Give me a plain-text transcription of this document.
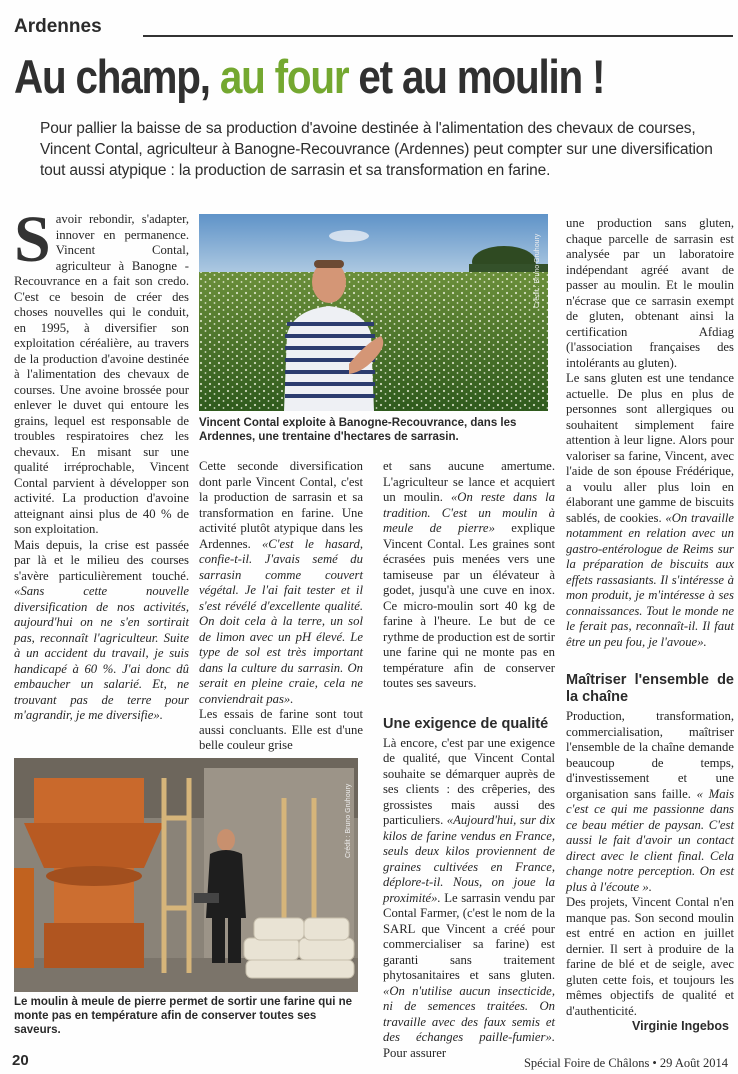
Ardennes
Au champ, au four et au moulin !

Pour pallier la baisse de sa production d'avoine destinée à l'alimentation des chevaux de courses, Vincent Contal, agriculteur à Banogne-Recouvrance (Ardennes) peut compter sur une diversification tout aussi atypique : la production de sarrasin et sa transformation en farine.

Savoir rebondir, s'adapter, innover en permanence. Vincent Contal, agriculteur à Banogne - Recouvrance en a fait son credo. C'est ce besoin de créer des choses nouvelles qui le conduit, en 1995, à diversifier son exploitation céréalière, au travers de la production d'avoine destinée à l'alimentation des chevaux de courses. Une avoine brossée pour enlever le duvet qui entoure les grains, lequel est responsable de troubles respiratoires chez les chevaux. En misant sur une qualité irréprochable, Vincent Contal parvient à développer son activité. La production d'avoine atteignant ainsi plus de 40 % de son exploitation.

Mais depuis, la crise est passée par là et le milieu des courses s'avère particulièrement touché. «Sans cette nouvelle diversification de nos activités, aujourd'hui on ne s'en sortirait pas, reconnaît l'agriculteur. Suite à un accident du travail, je suis handicapé à 60 %. J'ai donc dû embaucher un salarié. Et, ne trouvant pas de terre pour m'agrandir, je me diversifie».

Crédit : Bruno Gruhoury
Vincent Contal exploite à Banogne-Recouvrance, dans les Ardennes, une trentaine d'hectares de sarrasin.

Cette seconde diversification dont parle Vincent Contal, c'est la production de sarrasin et sa transformation en farine. Une activité plutôt atypique dans les Ardennes. «C'est le hasard, confie-t-il. J'avais semé du sarrasin comme couvert végétal. Je l'ai fait tester et il s'est révélé d'excellente qualité. On doit cela à la terre, un sol de limon avec un pH élevé. Le type de sol est très important dans la culture du sarrasin. On serait en pleine craie, cela ne conviendrait pas».

Les essais de farine sont tout aussi concluants. Elle est d'une belle couleur grise

et sans aucune amertume. L'agriculteur se lance et acquiert un moulin. «On reste dans la tradition. C'est un moulin à meule de pierre» explique Vincent Contal. Les graines sont écrasées puis menées vers une tamiseuse par un élévateur à godet, jusqu'à une cuve en inox. Ce micro-moulin sort 40 kg de farine à l'heure. Le but de ce rythme de production est de sortir une farine qui ne monte pas en température afin de conserver toutes ses saveurs.

Une exigence de qualité

Là encore, c'est par une exigence de qualité, que Vincent Contal souhaite se démarquer auprès de ses clients : des crêperies, des grossistes mais aussi des particuliers. «Aujourd'hui, sur dix kilos de farine vendus en France, seuls deux kilos proviennent de graines cultivées en France, déplore-t-il. Nous, on joue la proximité». Le sarrasin vendu par Contal Farmer, (c'est le nom de la SARL que Vincent a créé pour commercialiser sa farine) est garanti sans traitement phytosanitaires et sans gluten. «On n'utilise aucun insecticide, ni de semences traitées. On travaille avec des faux semis et des échanges paille-fumier». Pour assurer

une production sans gluten, chaque parcelle de sarrasin est analysée par un laboratoire indépendant agréé avant de passer au moulin. Et le moulin n'écrase que ce sarrasin exempt de gluten, obtenant ainsi la certification Afdiag (l'association françaises des intolérants au gluten).

Le sans gluten est une tendance actuelle. De plus en plus de personnes sont allergiques ou souhaitent simplement faire attention à leur ligne. Alors pour valoriser sa farine, Vincent, avec l'aide de son épouse Frédérique, a voulu aller plus loin en élaborant une gamme de biscuits sablés, de cookies. «On travaille notamment en relation avec un gastro-entérologue de Reims sur la préparation de biscuits aux effets rassasiants. Il s'intéresse à mon produit, je m'intéresse à ses connaissances. Tout le monde ne le ferait pas, reconnaît-il. Il faut être un peu fou, je l'avoue».

Maîtriser l'ensemble de la chaîne

Production, transformation, commercialisation, maîtriser l'ensemble de la chaîne demande beaucoup de temps, d'investissement et une organisation sans faille. « Mais c'est ce qui me passionne dans ce beau métier de paysan. C'est aussi le fait d'avoir un contact direct avec le client final. Cela change notre perception. On est plus à l'écoute ».

Des projets, Vincent Contal n'en manque pas. Son second moulin est entré en action en juillet dernier. Il sert à produire de la farine de blé et de seigle, avec gluten cette fois, et toujours les mêmes objectifs de qualité et d'authenticité.

Crédit : Bruno Gruhoury
Le moulin à meule de pierre permet de sortir une farine qui ne monte pas en température afin de conserver toutes ses saveurs.	Virginie Ingebos
20	Spécial Foire de Châlons • 29 Août 2014
